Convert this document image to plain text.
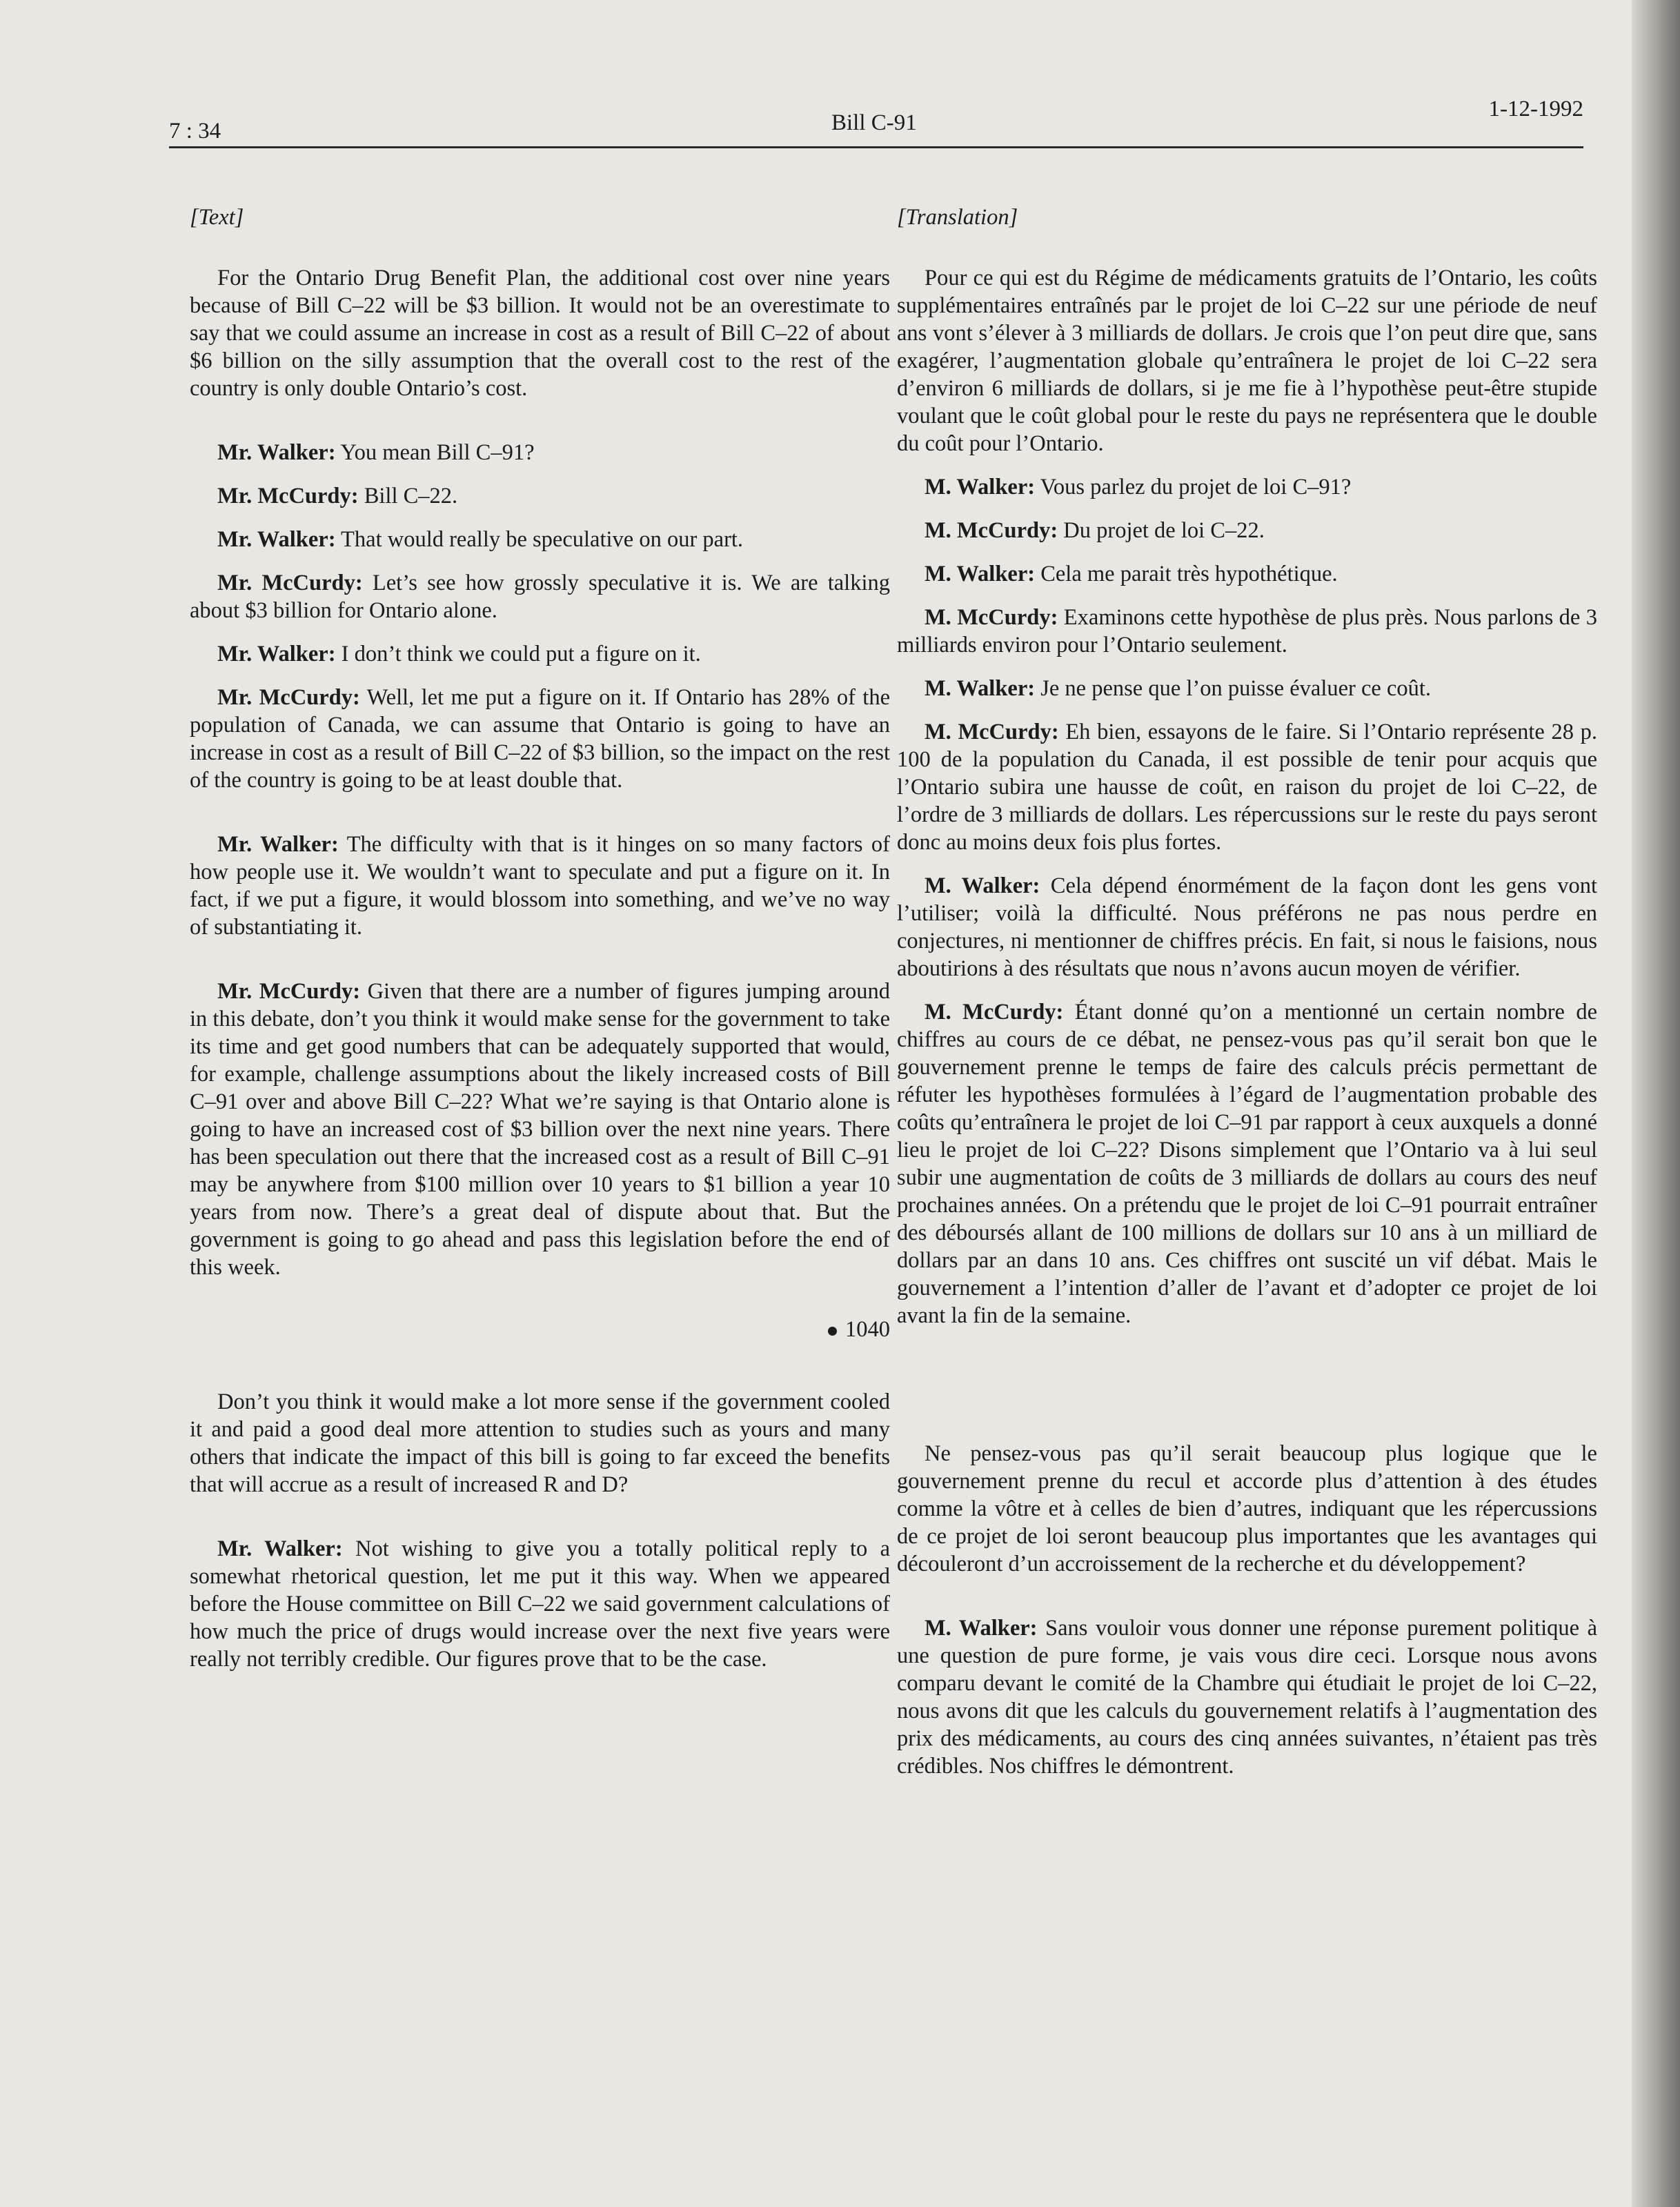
7 : 34	Bill C-91
1-12-1992

[Text]

For the Ontario Drug Benefit Plan, the additional cost over nine years because of Bill C–22 will be $3 billion. It would not be an overestimate to say that we could assume an increase in cost as a result of Bill C–22 of about $6 billion on the silly assumption that the overall cost to the rest of the country is only double Ontario’s cost.

Mr. Walker: You mean Bill C–91?

Mr. McCurdy: Bill C–22.

Mr. Walker: That would really be speculative on our part.

Mr. McCurdy: Let’s see how grossly speculative it is. We are talking about $3 billion for Ontario alone.

Mr. Walker: I don’t think we could put a figure on it.

Mr. McCurdy: Well, let me put a figure on it. If Ontario has 28% of the population of Canada, we can assume that Ontario is going to have an increase in cost as a result of Bill C–22 of $3 billion, so the impact on the rest of the country is going to be at least double that.

Mr. Walker: The difficulty with that is it hinges on so many factors of how people use it. We wouldn’t want to speculate and put a figure on it. In fact, if we put a figure, it would blossom into something, and we’ve no way of substantiating it.

Mr. McCurdy: Given that there are a number of figures jumping around in this debate, don’t you think it would make sense for the government to take its time and get good numbers that can be adequately supported that would, for example, challenge assumptions about the likely increased costs of Bill C–91 over and above Bill C–22? What we’re saying is that Ontario alone is going to have an increased cost of $3 billion over the next nine years. There has been speculation out there that the increased cost as a result of Bill C–91 may be anywhere from $100 million over 10 years to $1 billion a year 10 years from now. There’s a great deal of dispute about that. But the government is going to go ahead and pass this legislation before the end of this week.

1040

Don’t you think it would make a lot more sense if the government cooled it and paid a good deal more attention to studies such as yours and many others that indicate the impact of this bill is going to far exceed the benefits that will accrue as a result of increased R and D?

Mr. Walker: Not wishing to give you a totally political reply to a somewhat rhetorical question, let me put it this way. When we appeared before the House committee on Bill C–22 we said government calculations of how much the price of drugs would increase over the next five years were really not terribly credible. Our figures prove that to be the case.

[Translation]

Pour ce qui est du Régime de médicaments gratuits de l’Ontario, les coûts supplémentaires entraînés par le projet de loi C–22 sur une période de neuf ans vont s’élever à 3 milliards de dollars. Je crois que l’on peut dire que, sans exagérer, l’augmentation globale qu’entraînera le projet de loi C–22 sera d’environ 6 milliards de dollars, si je me fie à l’hypothèse peut-être stupide voulant que le coût global pour le reste du pays ne représentera que le double du coût pour l’Ontario.

M. Walker: Vous parlez du projet de loi C–91?

M. McCurdy: Du projet de loi C–22.

M. Walker: Cela me parait très hypothétique.

M. McCurdy: Examinons cette hypothèse de plus près. Nous parlons de 3 milliards environ pour l’Ontario seulement.

M. Walker: Je ne pense que l’on puisse évaluer ce coût.

M. McCurdy: Eh bien, essayons de le faire. Si l’Ontario représente 28 p. 100 de la population du Canada, il est possible de tenir pour acquis que l’Ontario subira une hausse de coût, en raison du projet de loi C–22, de l’ordre de 3 milliards de dollars. Les répercussions sur le reste du pays seront donc au moins deux fois plus fortes.

M. Walker: Cela dépend énormément de la façon dont les gens vont l’utiliser; voilà la difficulté. Nous préférons ne pas nous perdre en conjectures, ni mentionner de chiffres précis. En fait, si nous le faisions, nous aboutirions à des résultats que nous n’avons aucun moyen de vérifier.

M. McCurdy: Étant donné qu’on a mentionné un certain nombre de chiffres au cours de ce débat, ne pensez-vous pas qu’il serait bon que le gouvernement prenne le temps de faire des calculs précis permettant de réfuter les hypothèses formulées à l’égard de l’augmentation probable des coûts qu’entraînera le projet de loi C–91 par rapport à ceux auxquels a donné lieu le projet de loi C–22? Disons simplement que l’Ontario va à lui seul subir une augmentation de coûts de 3 milliards de dollars au cours des neuf prochaines années. On a prétendu que le projet de loi C–91 pourrait entraîner des déboursés allant de 100 millions de dollars sur 10 ans à un milliard de dollars par an dans 10 ans. Ces chiffres ont suscité un vif débat. Mais le gouvernement a l’intention d’aller de l’avant et d’adopter ce projet de loi avant la fin de la semaine.

Ne pensez-vous pas qu’il serait beaucoup plus logique que le gouvernement prenne du recul et accorde plus d’attention à des études comme la vôtre et à celles de bien d’autres, indiquant que les répercussions de ce projet de loi seront beaucoup plus importantes que les avantages qui découleront d’un accroissement de la recherche et du développement?

M. Walker: Sans vouloir vous donner une réponse purement politique à une question de pure forme, je vais vous dire ceci. Lorsque nous avons comparu devant le comité de la Chambre qui étudiait le projet de loi C–22, nous avons dit que les calculs du gouvernement relatifs à l’augmentation des prix des médicaments, au cours des cinq années suivantes, n’étaient pas très crédibles. Nos chiffres le démontrent.
